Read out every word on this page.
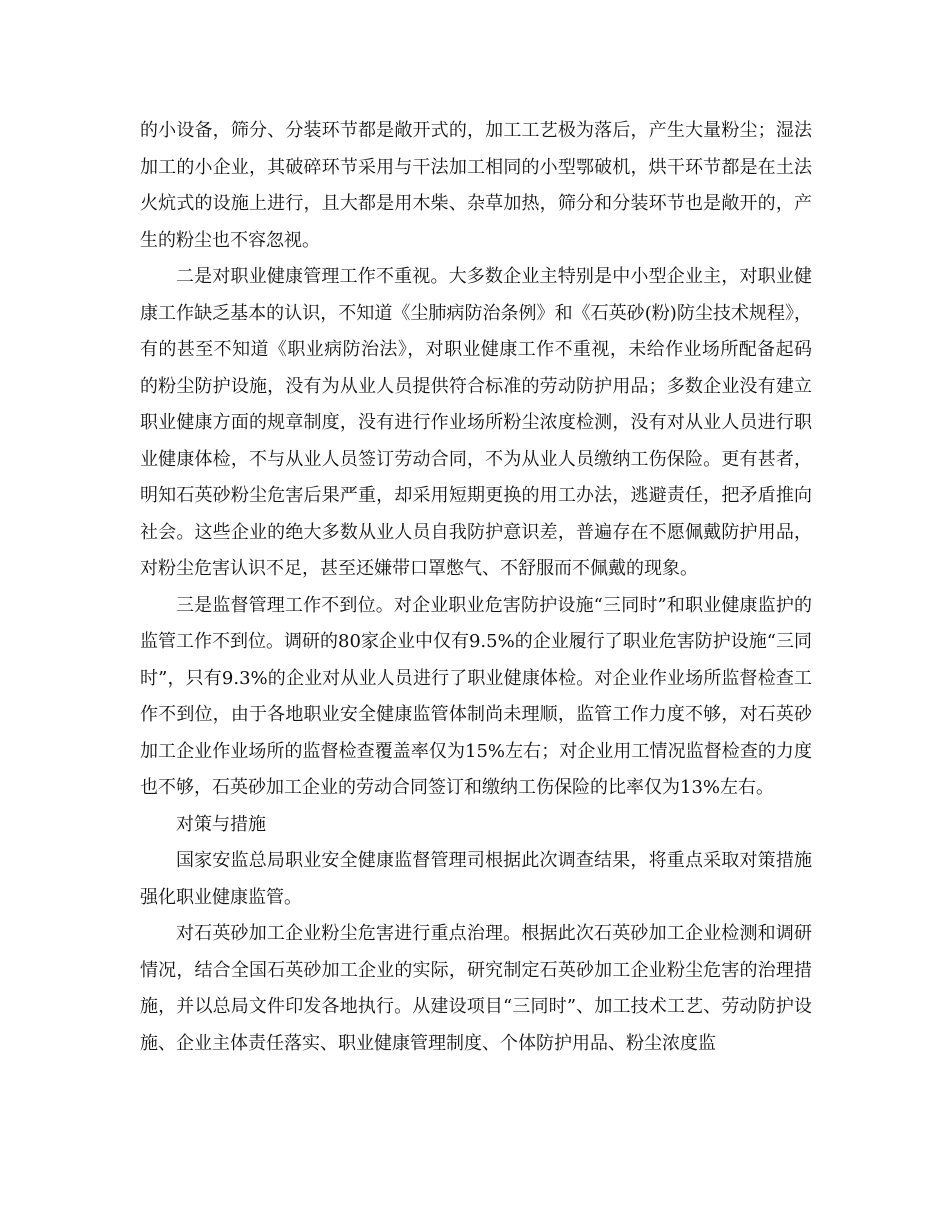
的小设备，筛分、分装环节都是敞开式的，加工工艺极为落后，产生大量粉尘；湿法加工的小企业，其破碎环节采用与干法加工相同的小型鄂破机，烘干环节都是在土法火炕式的设施上进行，且大都是用木柴、杂草加热，筛分和分装环节也是敞开的，产生的粉尘也不容忽视。

二是对职业健康管理工作不重视。大多数企业主特别是中小型企业主，对职业健康工作缺乏基本的认识，不知道《尘肺病防治条例》和《石英砂(粉)防尘技术规程》，有的甚至不知道《职业病防治法》，对职业健康工作不重视，未给作业场所配备起码的粉尘防护设施，没有为从业人员提供符合标准的劳动防护用品；多数企业没有建立职业健康方面的规章制度，没有进行作业场所粉尘浓度检测，没有对从业人员进行职业健康体检，不与从业人员签订劳动合同，不为从业人员缴纳工伤保险。更有甚者，明知石英砂粉尘危害后果严重，却采用短期更换的用工办法，逃避责任，把矛盾推向社会。这些企业的绝大多数从业人员自我防护意识差，普遍存在不愿佩戴防护用品，对粉尘危害认识不足，甚至还嫌带口罩憋气、不舒服而不佩戴的现象。

三是监督管理工作不到位。对企业职业危害防护设施“三同时”和职业健康监护的监管工作不到位。调研的80家企业中仅有9.5%的企业履行了职业危害防护设施“三同时”，只有9.3%的企业对从业人员进行了职业健康体检。对企业作业场所监督检查工作不到位，由于各地职业安全健康监管体制尚未理顺，监管工作力度不够，对石英砂加工企业作业场所的监督检查覆盖率仅为15%左右；对企业用工情况监督检查的力度也不够，石英砂加工企业的劳动合同签订和缴纳工伤保险的比率仅为13%左右。

对策与措施

国家安监总局职业安全健康监督管理司根据此次调查结果，将重点采取对策措施强化职业健康监管。

对石英砂加工企业粉尘危害进行重点治理。根据此次石英砂加工企业检测和调研情况，结合全国石英砂加工企业的实际，研究制定石英砂加工企业粉尘危害的治理措施，并以总局文件印发各地执行。从建设项目“三同时”、加工技术工艺、劳动防护设施、企业主体责任落实、职业健康管理制度、个体防护用品、粉尘浓度监
